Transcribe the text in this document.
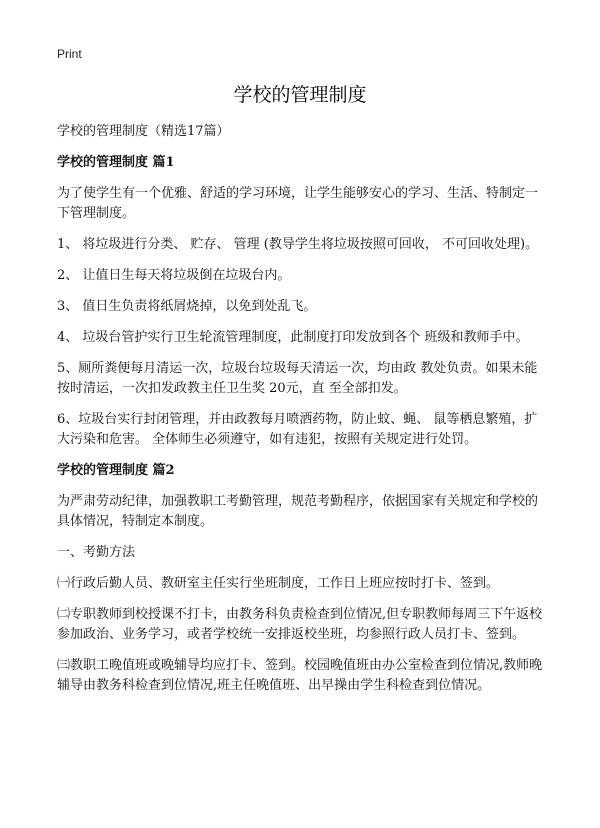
Print
学校的管理制度

学校的管理制度（精选17篇）

学校的管理制度 篇1

为了使学生有一个优雅、舒适的学习环境，让学生能够安心的学习、生活、特制定一下管理制度。

1、 将垃圾进行分类、 贮存、 管理 (教导学生将垃圾按照可回收， 不可回收处理)。

2、 让值日生每天将垃圾倒在垃圾台内。

3、 值日生负责将纸屑烧掉，以免到处乱飞。

4、 垃圾台管护实行卫生轮流管理制度，此制度打印发放到各个 班级和教师手中。

5、厕所粪便每月清运一次，垃圾台垃圾每天清运一次，均由政 教处负责。如果未能按时清运，一次扣发政教主任卫生奖 20元，直 至全部扣发。

6、垃圾台实行封闭管理，并由政教每月喷洒药物，防止蚊、蝇、 鼠等栖息繁殖，扩大污染和危害。 全体师生必须遵守，如有违犯，按照有关规定进行处罚。

学校的管理制度 篇2

为严肃劳动纪律，加强教职工考勤管理，规范考勤程序，依据国家有关规定和学校的具体情况，特制定本制度。

一、考勤方法

㈠行政后勤人员、教研室主任实行坐班制度，工作日上班应按时打卡、签到。

㈡专职教师到校授课不打卡，由教务科负责检查到位情况,但专职教师每周三下午返校参加政治、业务学习，或者学校统一安排返校坐班，均参照行政人员打卡、签到。

㈢教职工晚值班或晚辅导均应打卡、签到。校园晚值班由办公室检查到位情况,教师晚辅导由教务科检查到位情况,班主任晚值班、出早操由学生科检查到位情况。
